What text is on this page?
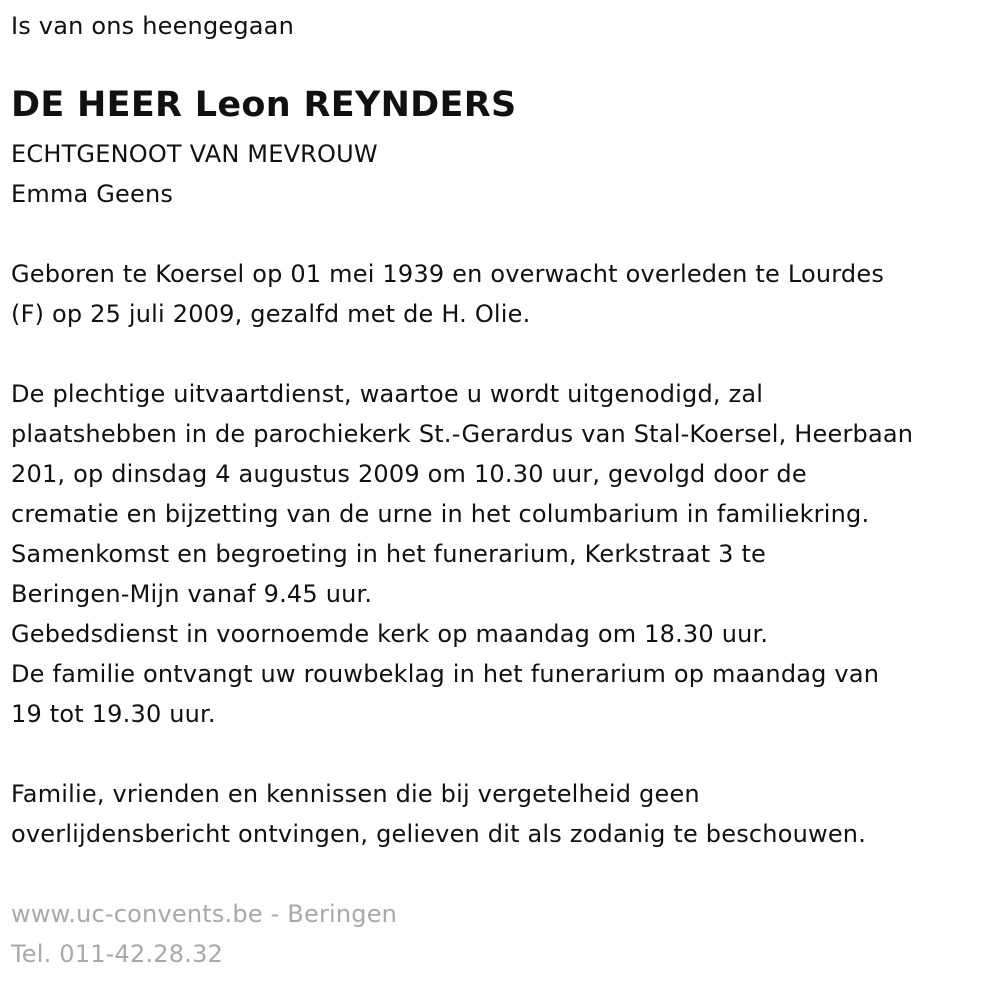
Is van ons heengegaan
DE HEER Leon REYNDERS
ECHTGENOOT VAN MEVROUW
Emma Geens
Geboren te Koersel op 01 mei 1939 en overwacht overleden te Lourdes
(F) op 25 juli 2009, gezalfd met de H. Olie.
De plechtige uitvaartdienst, waartoe u wordt uitgenodigd, zal
plaatshebben in de parochiekerk St.-Gerardus van Stal-Koersel, Heerbaan
201, op dinsdag 4 augustus 2009 om 10.30 uur, gevolgd door de
crematie en bijzetting van de urne in het columbarium in familiekring.
Samenkomst en begroeting in het funerarium, Kerkstraat 3 te
Beringen-Mijn vanaf 9.45 uur.
Gebedsdienst in voornoemde kerk op maandag om 18.30 uur.
De familie ontvangt uw rouwbeklag in het funerarium op maandag van
19 tot 19.30 uur.
Familie, vrienden en kennissen die bij vergetelheid geen
overlijdensbericht ontvingen, gelieven dit als zodanig te beschouwen.
www.uc-convents.be - Beringen
Tel. 011-42.28.32
